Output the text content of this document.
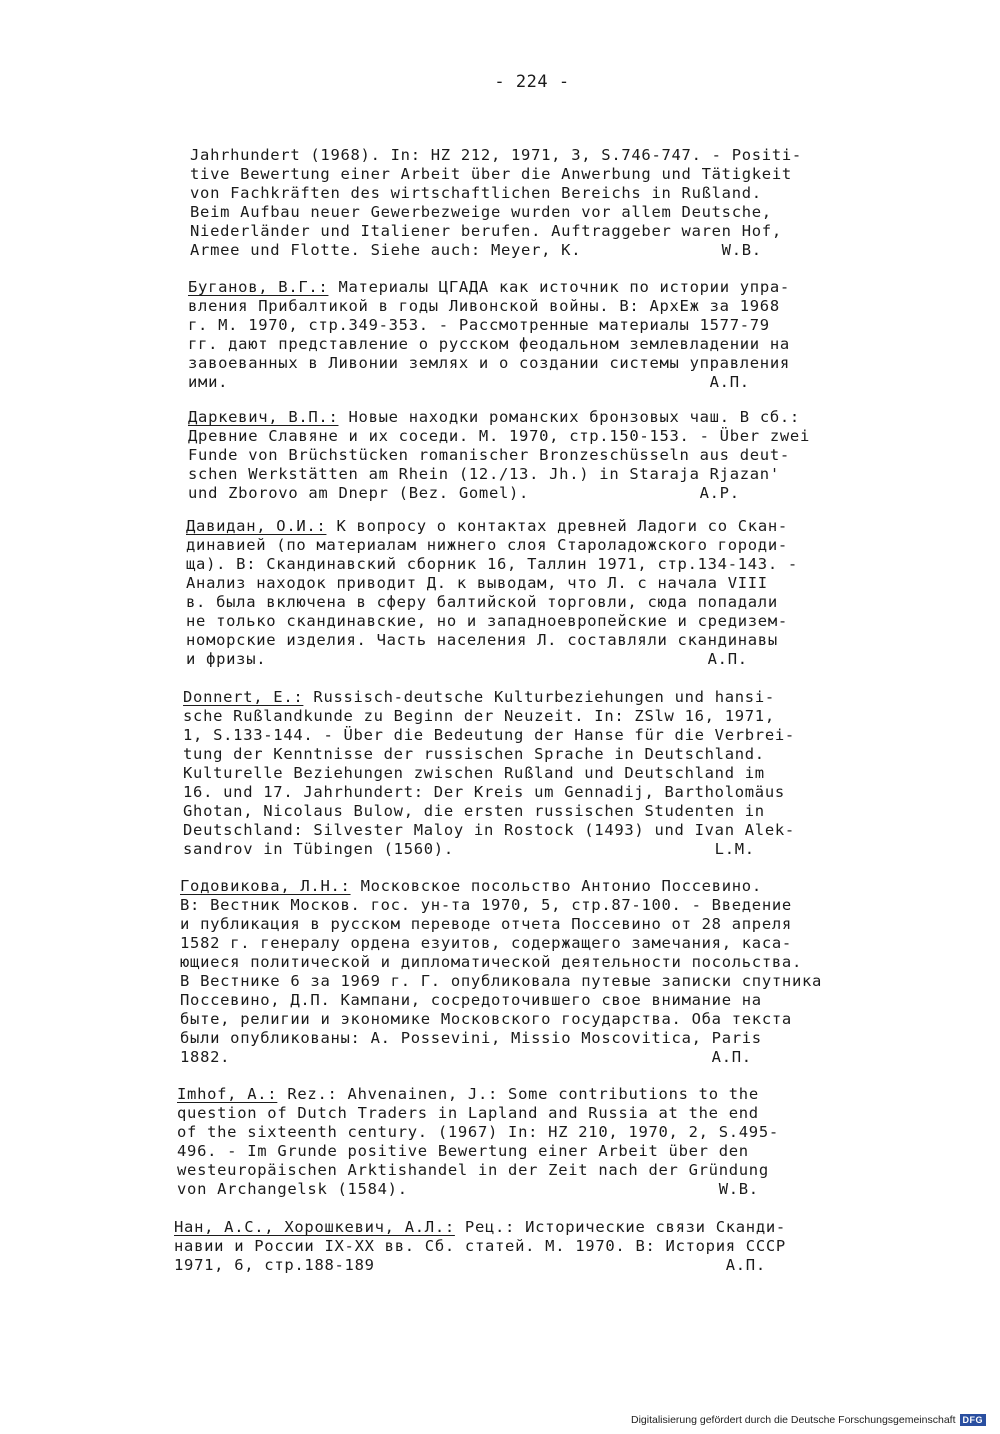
- 224 -
Jahrhundert (1968). In: HZ 212, 1971, 3, S.746-747. - Positi-
tive Bewertung einer Arbeit über die Anwerbung und Tätigkeit
von Fachkräften des wirtschaftlichen Bereichs in Rußland.
Beim Aufbau neuer Gewerbezweige wurden vor allem Deutsche,
Niederländer und Italiener berufen. Auftraggeber waren Hof,
Armee und Flotte. Siehe auch: Meyer, K.              W.B.
Буганов, В.Г.: Материалы ЦГАДА как источник по истории упра-
вления Прибалтикой в годы Ливонской войны. В: АрхЕж за 1968
г. М. 1970, стр.349-353. - Рассмотренные материалы 1577-79
гг. дают представление о русском феодальном землевладении на
завоеванных в Ливонии землях и о создании системы управления
ими.                                                А.П.
Даркевич, В.П.: Новые находки романских бронзовых чаш. В сб.:
Древние Славяне и их соседи. М. 1970, стр.150-153. - Über zwei
Funde von Brüchstücken romanischer Bronzeschüsseln aus deut-
schen Werkstätten am Rhein (12./13. Jh.) in Staraja Rjazan'
und Zborovo am Dnepr (Bez. Gomel).                 A.P.
Давидан, О.И.: К вопросу о контактах древней Ладоги со Скан-
динавией (по материалам нижнего слоя Староладожского городи-
ща). В: Скандинавский сборник 16, Таллин 1971, стр.134-143. -
Анализ находок приводит Д. к выводам, что Л. с начала VIII
в. была включена в сферу балтийской торговли, сюда попадали
не только скандинавские, но и западноевропейские и средизем-
номорские изделия. Часть населения Л. составляли скандинавы
и фризы.                                            А.П.
Donnert, E.: Russisch-deutsche Kulturbeziehungen und hansi-
sche Rußlandkunde zu Beginn der Neuzeit. In: ZSlw 16, 1971,
1, S.133-144. - Über die Bedeutung der Hanse für die Verbrei-
tung der Kenntnisse der russischen Sprache in Deutschland.
Kulturelle Beziehungen zwischen Rußland und Deutschland im
16. und 17. Jahrhundert: Der Kreis um Gennadij, Bartholomäus
Ghotan, Nicolaus Bulow, die ersten russischen Studenten in
Deutschland: Silvester Maloy in Rostock (1493) und Ivan Alek-
sandrov in Tübingen (1560).                          L.M.
Годовикова, Л.Н.: Московское посольство Антонио Поссевино.
В: Вестник Москов. гос. ун-та 1970, 5, стр.87-100. - Введение
и публикация в русском переводе отчета Поссевино от 28 апреля
1582 г. генералу ордена езуитов, содержащего замечания, каса-
ющиеся политической и дипломатической деятельности посольства.
В Вестнике 6 за 1969 г. Г. опубликовала путевые записки спутника
Поссевино, Д.П. Кампани, сосредоточившего свое внимание на
быте, религии и экономике Московского государства. Оба текста
были опубликованы: A. Possevini, Missio Moscovitica, Paris
1882.                                                А.П.
Imhof, A.: Rez.: Ahvenainen, J.: Some contributions to the
question of Dutch Traders in Lapland and Russia at the end
of the sixteenth century. (1967) In: HZ 210, 1970, 2, S.495-
496. - Im Grunde positive Bewertung einer Arbeit über den
westeuropäischen Arktishandel in der Zeit nach der Gründung
von Archangelsk (1584).                               W.B.
Нан, А.С., Хорошкевич, А.Л.: Рец.: Исторические связи Сканди-
навии и России IX-XX вв. Сб. статей. М. 1970. В: История СССР
1971, 6, стр.188-189                                   А.П.
Digitalisierung gefördert durch die Deutsche Forschungsgemeinschaft DFG
